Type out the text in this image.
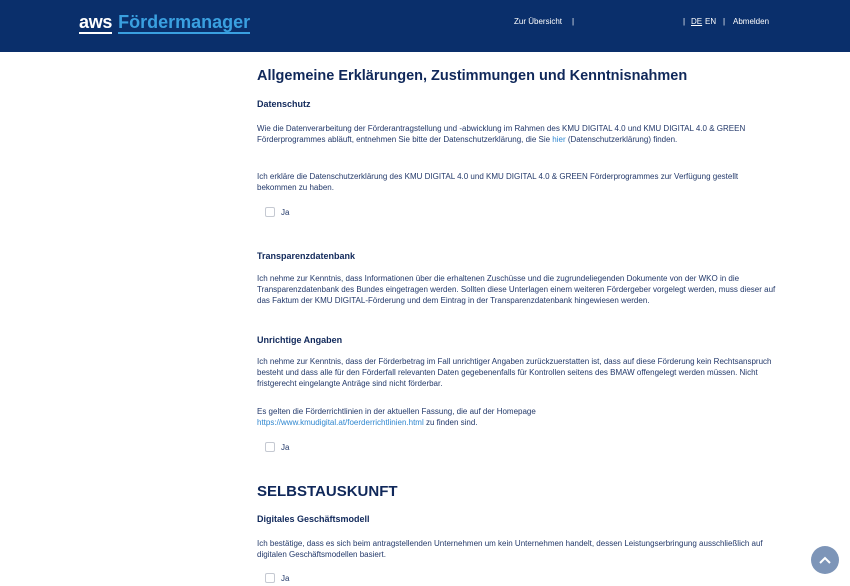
aws Fördermanager	Zur Übersicht |	| DE EN | Abmelden
Allgemeine Erklärungen, Zustimmungen und Kenntnisnahmen
Datenschutz
Wie die Datenverarbeitung der Förderantragstellung und -abwicklung im Rahmen des KMU DIGITAL 4.0 und KMU DIGITAL 4.0 & GREEN Förderprogrammes abläuft, entnehmen Sie bitte der Datenschutzerklärung, die Sie hier (Datenschutzerklärung) finden.
Ich erkläre die Datenschutzerklärung des KMU DIGITAL 4.0 und KMU DIGITAL 4.0 & GREEN Förderprogrammes zur Verfügung gestellt bekommen zu haben.
Ja
Transparenzdatenbank
Ich nehme zur Kenntnis, dass Informationen über die erhaltenen Zuschüsse und die zugrundeliegenden Dokumente von der WKO in die Transparenzdatenbank des Bundes eingetragen werden. Sollten diese Unterlagen einem weiteren Fördergeber vorgelegt werden, muss dieser auf das Faktum der KMU DIGITAL-Förderung und dem Eintrag in der Transparenzdatenbank hingewiesen werden.
Unrichtige Angaben
Ich nehme zur Kenntnis, dass der Förderbetrag im Fall unrichtiger Angaben zurückzuerstatten ist, dass auf diese Förderung kein Rechtsanspruch besteht und dass alle für den Förderfall relevanten Daten gegebenenfalls für Kontrollen seitens des BMAW offengelegt werden müssen. Nicht fristgerecht eingelangte Anträge sind nicht förderbar.
Es gelten die Förderrichtlinien in der aktuellen Fassung, die auf der Homepage
https://www.kmudigital.at/foerderrichtlinien.html zu finden sind.
Ja
SELBSTAUSKUNFT
Digitales Geschäftsmodell
Ich bestätige, dass es sich beim antragstellenden Unternehmen um kein Unternehmen handelt, dessen Leistungserbringung ausschließlich auf digitalen Geschäftsmodellen basiert.
Ja
